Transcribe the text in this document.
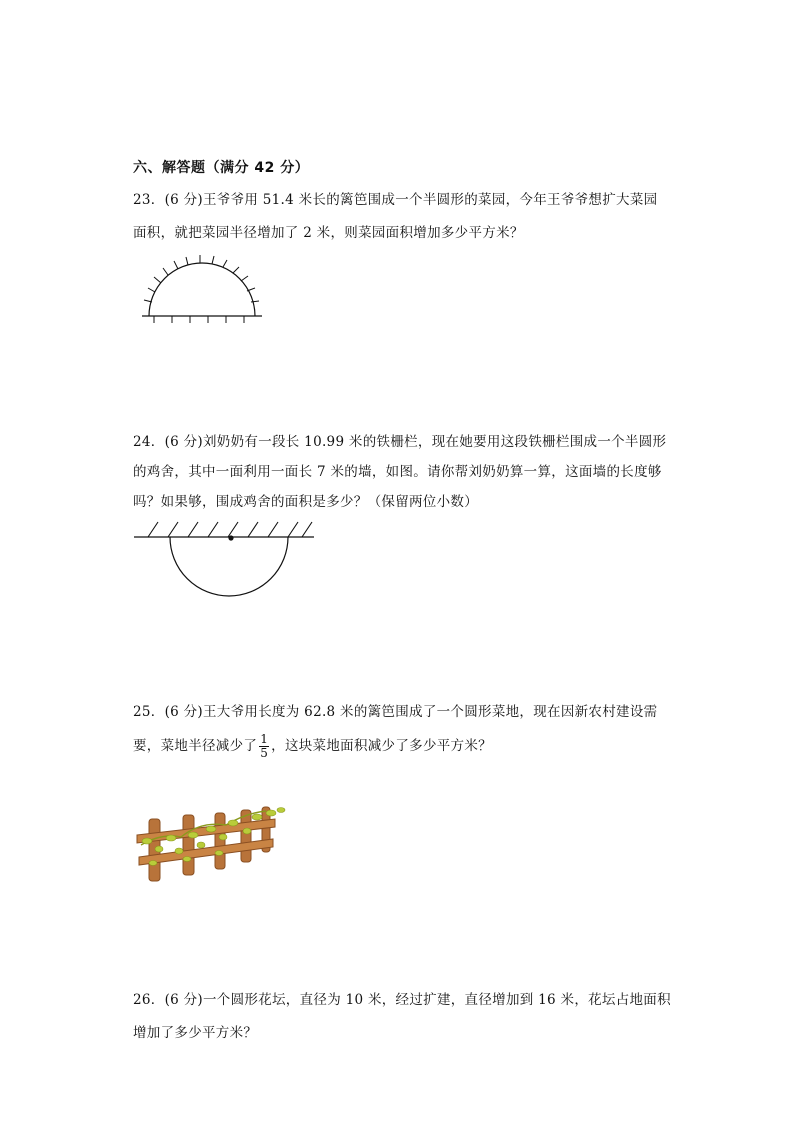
六、解答题（满分 42 分）
23．(6 分)王爷爷用 51.4 米长的篱笆围成一个半圆形的菜园，今年王爷爷想扩大菜园
面积，就把菜园半径增加了 2 米，则菜园面积增加多少平方米？
24．(6 分)刘奶奶有一段长 10.99 米的铁栅栏，现在她要用这段铁栅栏围成一个半圆形
的鸡舍，其中一面利用一面长 7 米的墙，如图。请你帮刘奶奶算一算，这面墙的长度够
吗？如果够，围成鸡舍的面积是多少？（保留两位小数）
25．(6 分)王大爷用长度为 62.8 米的篱笆围成了一个圆形菜地，现在因新农村建设需
要，菜地半径减少了 $\frac{1}{5}$ ，这块菜地面积减少了多少平方米？
26．(6 分)一个圆形花坛，直径为 10 米，经过扩建，直径增加到 16 米，花坛占地面积
增加了多少平方米？
